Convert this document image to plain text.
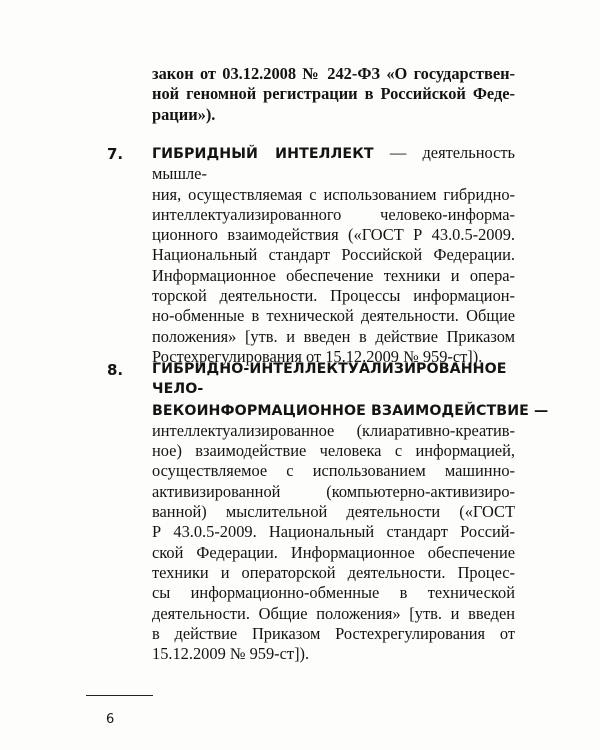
закон от 03.12.2008 № 242-ФЗ «О государствен-
ной геномной регистрации в Российской Феде-
рации»).
7. ГИБРИДНЫЙ ИНТЕЛЛЕКТ — деятельность мышле-
ния, осуществляемая с использованием гибридно-
интеллектуализированного человеко-информа-
ционного взаимодействия («ГОСТ Р 43.0.5-2009.
Национальный стандарт Российской Федерации.
Информационное обеспечение техники и опера-
торской деятельности. Процессы информацион-
но-обменные в технической деятельности. Общие
положения» [утв. и введен в действие Приказом
Ростехрегулирования от 15.12.2009 № 959-ст]).
8. ГИБРИДНО-ИНТЕЛЛЕКТУАЛИЗИРОВАННОЕ ЧЕЛО-
ВЕКОИНФОРМАЦИОННОЕ ВЗАИМОДЕЙСТВИЕ —
интеллектуализированное (клиаративно-креатив-
ное) взаимодействие человека с информацией,
осуществляемое с использованием машинно-
активизированной (компьютерно-активизиро-
ванной) мыслительной деятельности («ГОСТ
Р 43.0.5-2009. Национальный стандарт Россий-
ской Федерации. Информационное обеспечение
техники и операторской деятельности. Процес-
сы информационно-обменные в технической
деятельности. Общие положения» [утв. и введен
в действие Приказом Ростехрегулирования от
15.12.2009 № 959-ст]).
6
